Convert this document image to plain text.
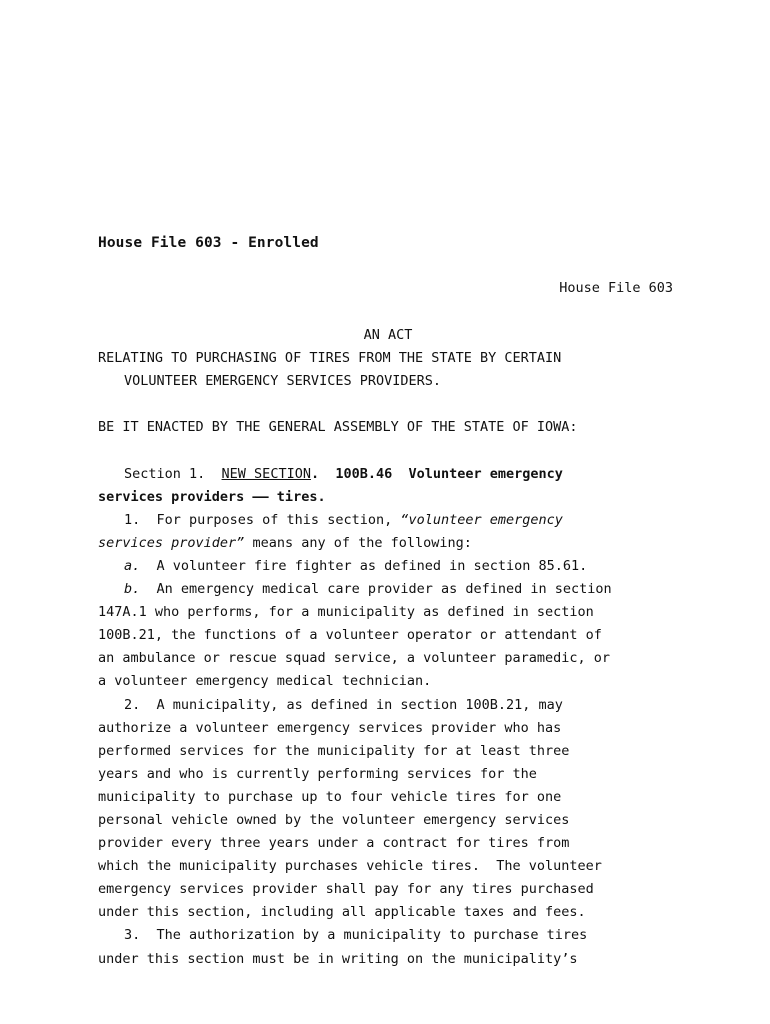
House File 603 - Enrolled
House File 603
AN ACT
RELATING TO PURCHASING OF TIRES FROM THE STATE BY CERTAIN
VOLUNTEER EMERGENCY SERVICES PROVIDERS.
BE IT ENACTED BY THE GENERAL ASSEMBLY OF THE STATE OF IOWA:
Section 1.  NEW SECTION.  100B.46  Volunteer emergency
services providers —— tires.
1.  For purposes of this section, “volunteer emergency
services provider” means any of the following:
a.  A volunteer fire fighter as defined in section 85.61.
b.  An emergency medical care provider as defined in section
147A.1 who performs, for a municipality as defined in section
100B.21, the functions of a volunteer operator or attendant of
an ambulance or rescue squad service, a volunteer paramedic, or
a volunteer emergency medical technician.
2.  A municipality, as defined in section 100B.21, may
authorize a volunteer emergency services provider who has
performed services for the municipality for at least three
years and who is currently performing services for the
municipality to purchase up to four vehicle tires for one
personal vehicle owned by the volunteer emergency services
provider every three years under a contract for tires from
which the municipality purchases vehicle tires.  The volunteer
emergency services provider shall pay for any tires purchased
under this section, including all applicable taxes and fees.
3.  The authorization by a municipality to purchase tires
under this section must be in writing on the municipality’s
